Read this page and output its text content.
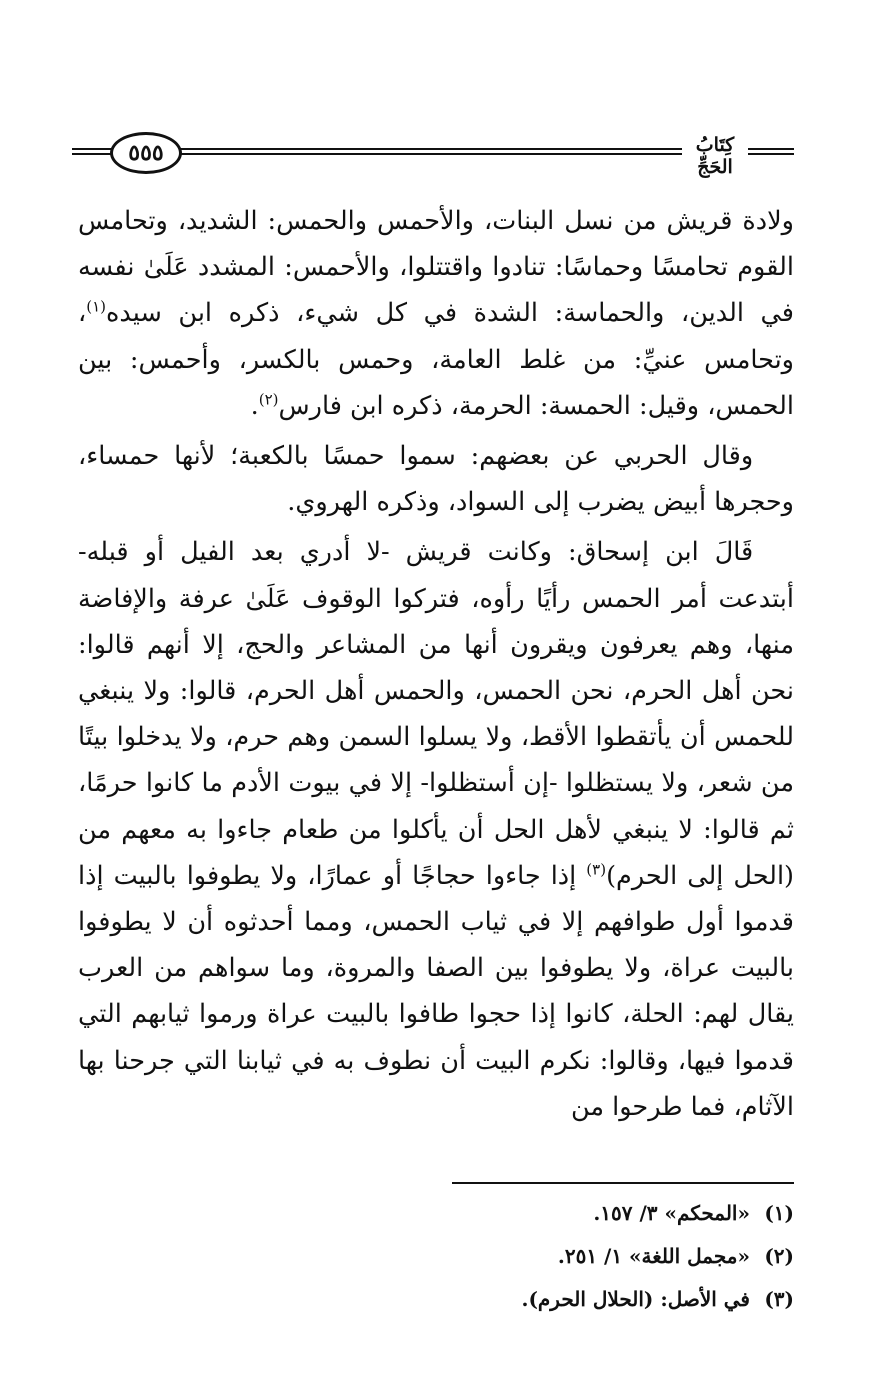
٥٥٥	كِتَابُ الحَجِّ

ولادة قريش من نسل البنات، والأحمس والحمس: الشديد، وتحامس القوم تحامسًا وحماسًا: تنادوا واقتتلوا، والأحمس: المشدد عَلَىٰ نفسه في الدين، والحماسة: الشدة في كل شيء، ذكره ابن سيده$^{(١)}$، وتحامس عنيِّ: من غلط العامة، وحمس بالكسر، وأحمس: بين الحمس، وقيل: الحمسة: الحرمة، ذكره ابن فارس$^{(٢)}$.

وقال الحربي عن بعضهم: سموا حمسًا بالكعبة؛ لأنها حمساء، وحجرها أبيض يضرب إلى السواد، وذكره الهروي.

قَالَ ابن إسحاق: وكانت قريش -لا أدري بعد الفيل أو قبله- أبتدعت أمر الحمس رأيًا رأوه، فتركوا الوقوف عَلَىٰ عرفة والإفاضة منها، وهم يعرفون ويقرون أنها من المشاعر والحج، إلا أنهم قالوا: نحن أهل الحرم، نحن الحمس، والحمس أهل الحرم، قالوا: ولا ينبغي للحمس أن يأتقطوا الأقط، ولا يسلوا السمن وهم حرم، ولا يدخلوا بيتًا من شعر، ولا يستظلوا -إن أستظلوا- إلا في بيوت الأدم ما كانوا حرمًا، ثم قالوا: لا ينبغي لأهل الحل أن يأكلوا من طعام جاءوا به معهم من (الحل إلى الحرم)$^{(٣)}$ إذا جاءوا حجاجًا أو عمارًا، ولا يطوفوا بالبيت إذا قدموا أول طوافهم إلا في ثياب الحمس، ومما أحدثوه أن لا يطوفوا بالبيت عراة، ولا يطوفوا بين الصفا والمروة، وما سواهم من العرب يقال لهم: الحلة، كانوا إذا حجوا طافوا بالبيت عراة ورموا ثيابهم التي قدموا فيها، وقالوا: نكرم البيت أن نطوف به في ثيابنا التي جرحنا بها الآثام، فما طرحوا من

(١)
«المحكم» ٣/ ١٥٧.
(٢)
«مجمل اللغة» ١/ ٢٥١.
(٣)
في الأصل: (الحلال الحرم).
